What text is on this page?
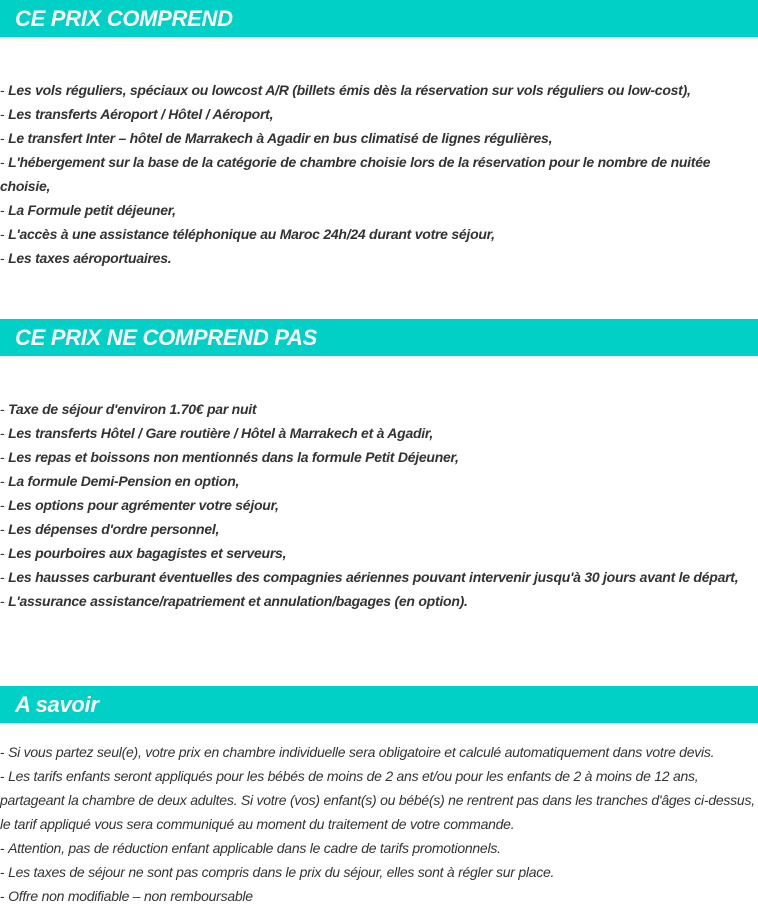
CE PRIX COMPREND
- Les vols réguliers, spéciaux ou lowcost A/R (billets émis dès la réservation sur vols réguliers ou low-cost),
- Les transferts Aéroport / Hôtel / Aéroport,
- Le transfert Inter – hôtel de Marrakech à Agadir en bus climatisé de lignes régulières,
- L'hébergement sur la base de la catégorie de chambre choisie lors de la réservation pour le nombre de nuitée choisie,
- La Formule petit déjeuner,
- L'accès à une assistance téléphonique au Maroc 24h/24 durant votre séjour,
- Les taxes aéroportuaires.
CE PRIX NE COMPREND PAS
- Taxe de séjour d'environ 1.70€ par nuit
- Les transferts Hôtel / Gare routière / Hôtel à Marrakech et à Agadir,
- Les repas et boissons non mentionnés dans la formule Petit Déjeuner,
- La formule Demi-Pension en option,
- Les options pour agrémenter votre séjour,
- Les dépenses d'ordre personnel,
- Les pourboires aux bagagistes et serveurs,
- Les hausses carburant éventuelles des compagnies aériennes pouvant intervenir jusqu'à 30 jours avant le départ,
- L'assurance assistance/rapatriement et annulation/bagages (en option).
A savoir
- Si vous partez seul(e), votre prix en chambre individuelle sera obligatoire et calculé automatiquement dans votre devis.
- Les tarifs enfants seront appliqués pour les bébés de moins de 2 ans et/ou pour les enfants de 2 à moins de 12 ans, partageant la chambre de deux adultes. Si votre (vos) enfant(s) ou bébé(s) ne rentrent pas dans les tranches d'âges ci-dessus, le tarif appliqué vous sera communiqué au moment du traitement de votre commande.
- Attention, pas de réduction enfant applicable dans le cadre de tarifs promotionnels.
- Les taxes de séjour ne sont pas compris dans le prix du séjour, elles sont à régler sur place.
- Offre non modifiable – non remboursable
